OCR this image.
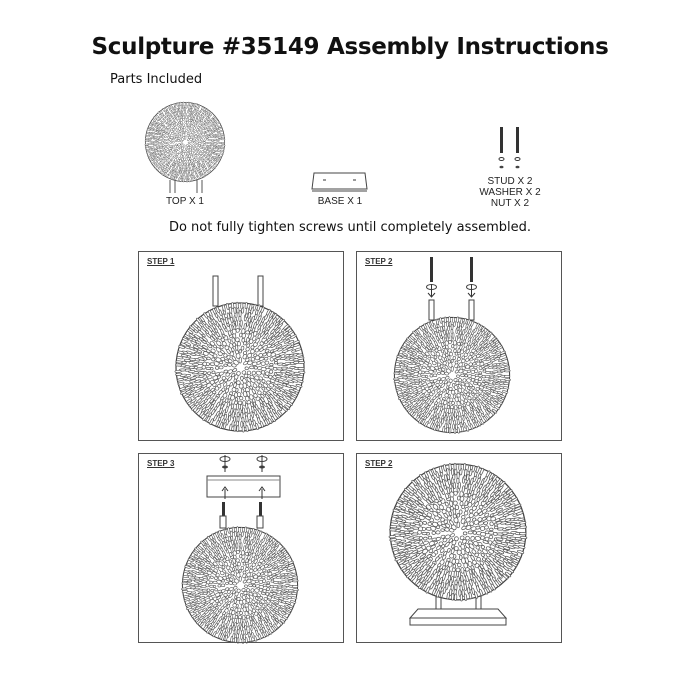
Sculpture #35149 Assembly Instructions
Parts Included
TOP X 1	BASE X 1
STUD X 2
WASHER X 2
NUT X 2
Do not fully tighten screws until completely assembled.
STEP 1	STEP 2
STEP 3	STEP 2
